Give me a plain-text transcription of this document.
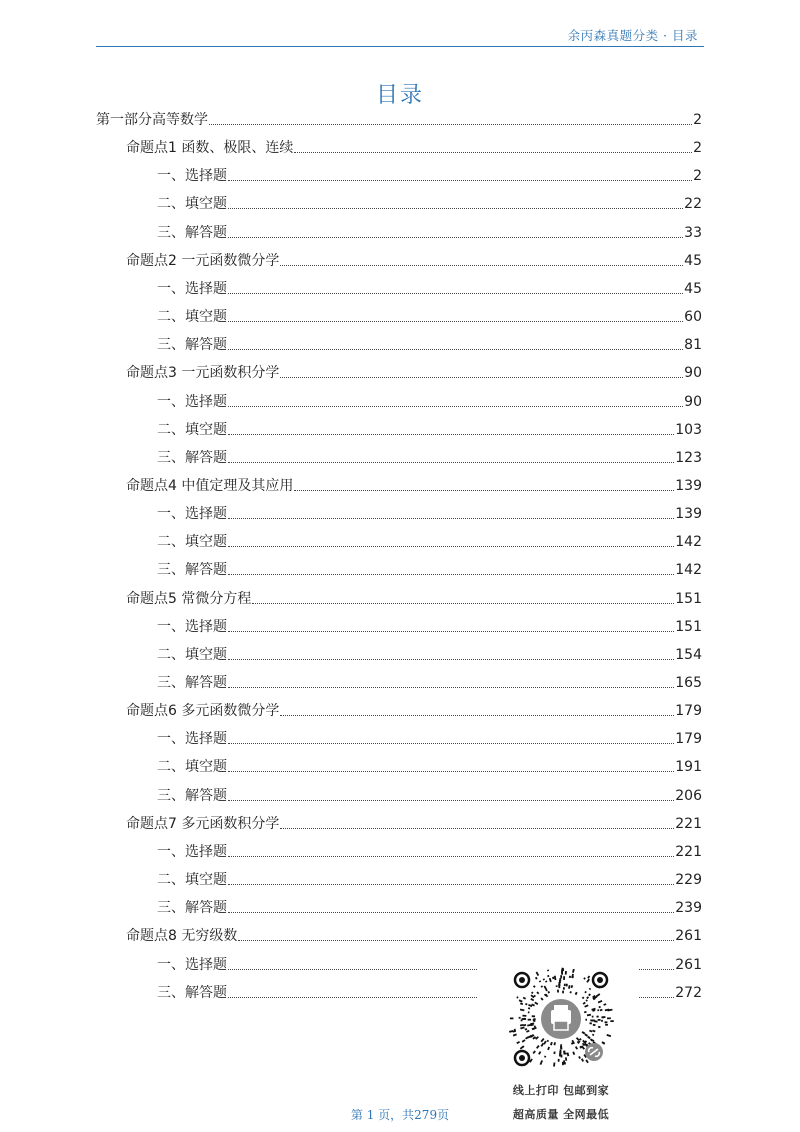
余丙森真题分类 · 目录
目录
第一部分高等数学	2
命题点1 函数、极限、连续	2
一、选择题	2
二、填空题	22
三、解答题	33
命题点2 一元函数微分学	45
一、选择题	45
二、填空题	60
三、解答题	81
命题点3 一元函数积分学	90
一、选择题	90
二、填空题	103
三、解答题	123
命题点4 中值定理及其应用	139
一、选择题	139
二、填空题	142
三、解答题	142
命题点5 常微分方程	151
一、选择题	151
二、填空题	154
三、解答题	165
命题点6 多元函数微分学	179
一、选择题	179
二、填空题	191
三、解答题	206
命题点7 多元函数积分学	221
一、选择题	221
二、填空题	229
三、解答题	239
命题点8 无穷级数	261
一、选择题	261
三、解答题	272
线上打印 包邮到家
超高质量 全网最低
第 1 页，共279页
